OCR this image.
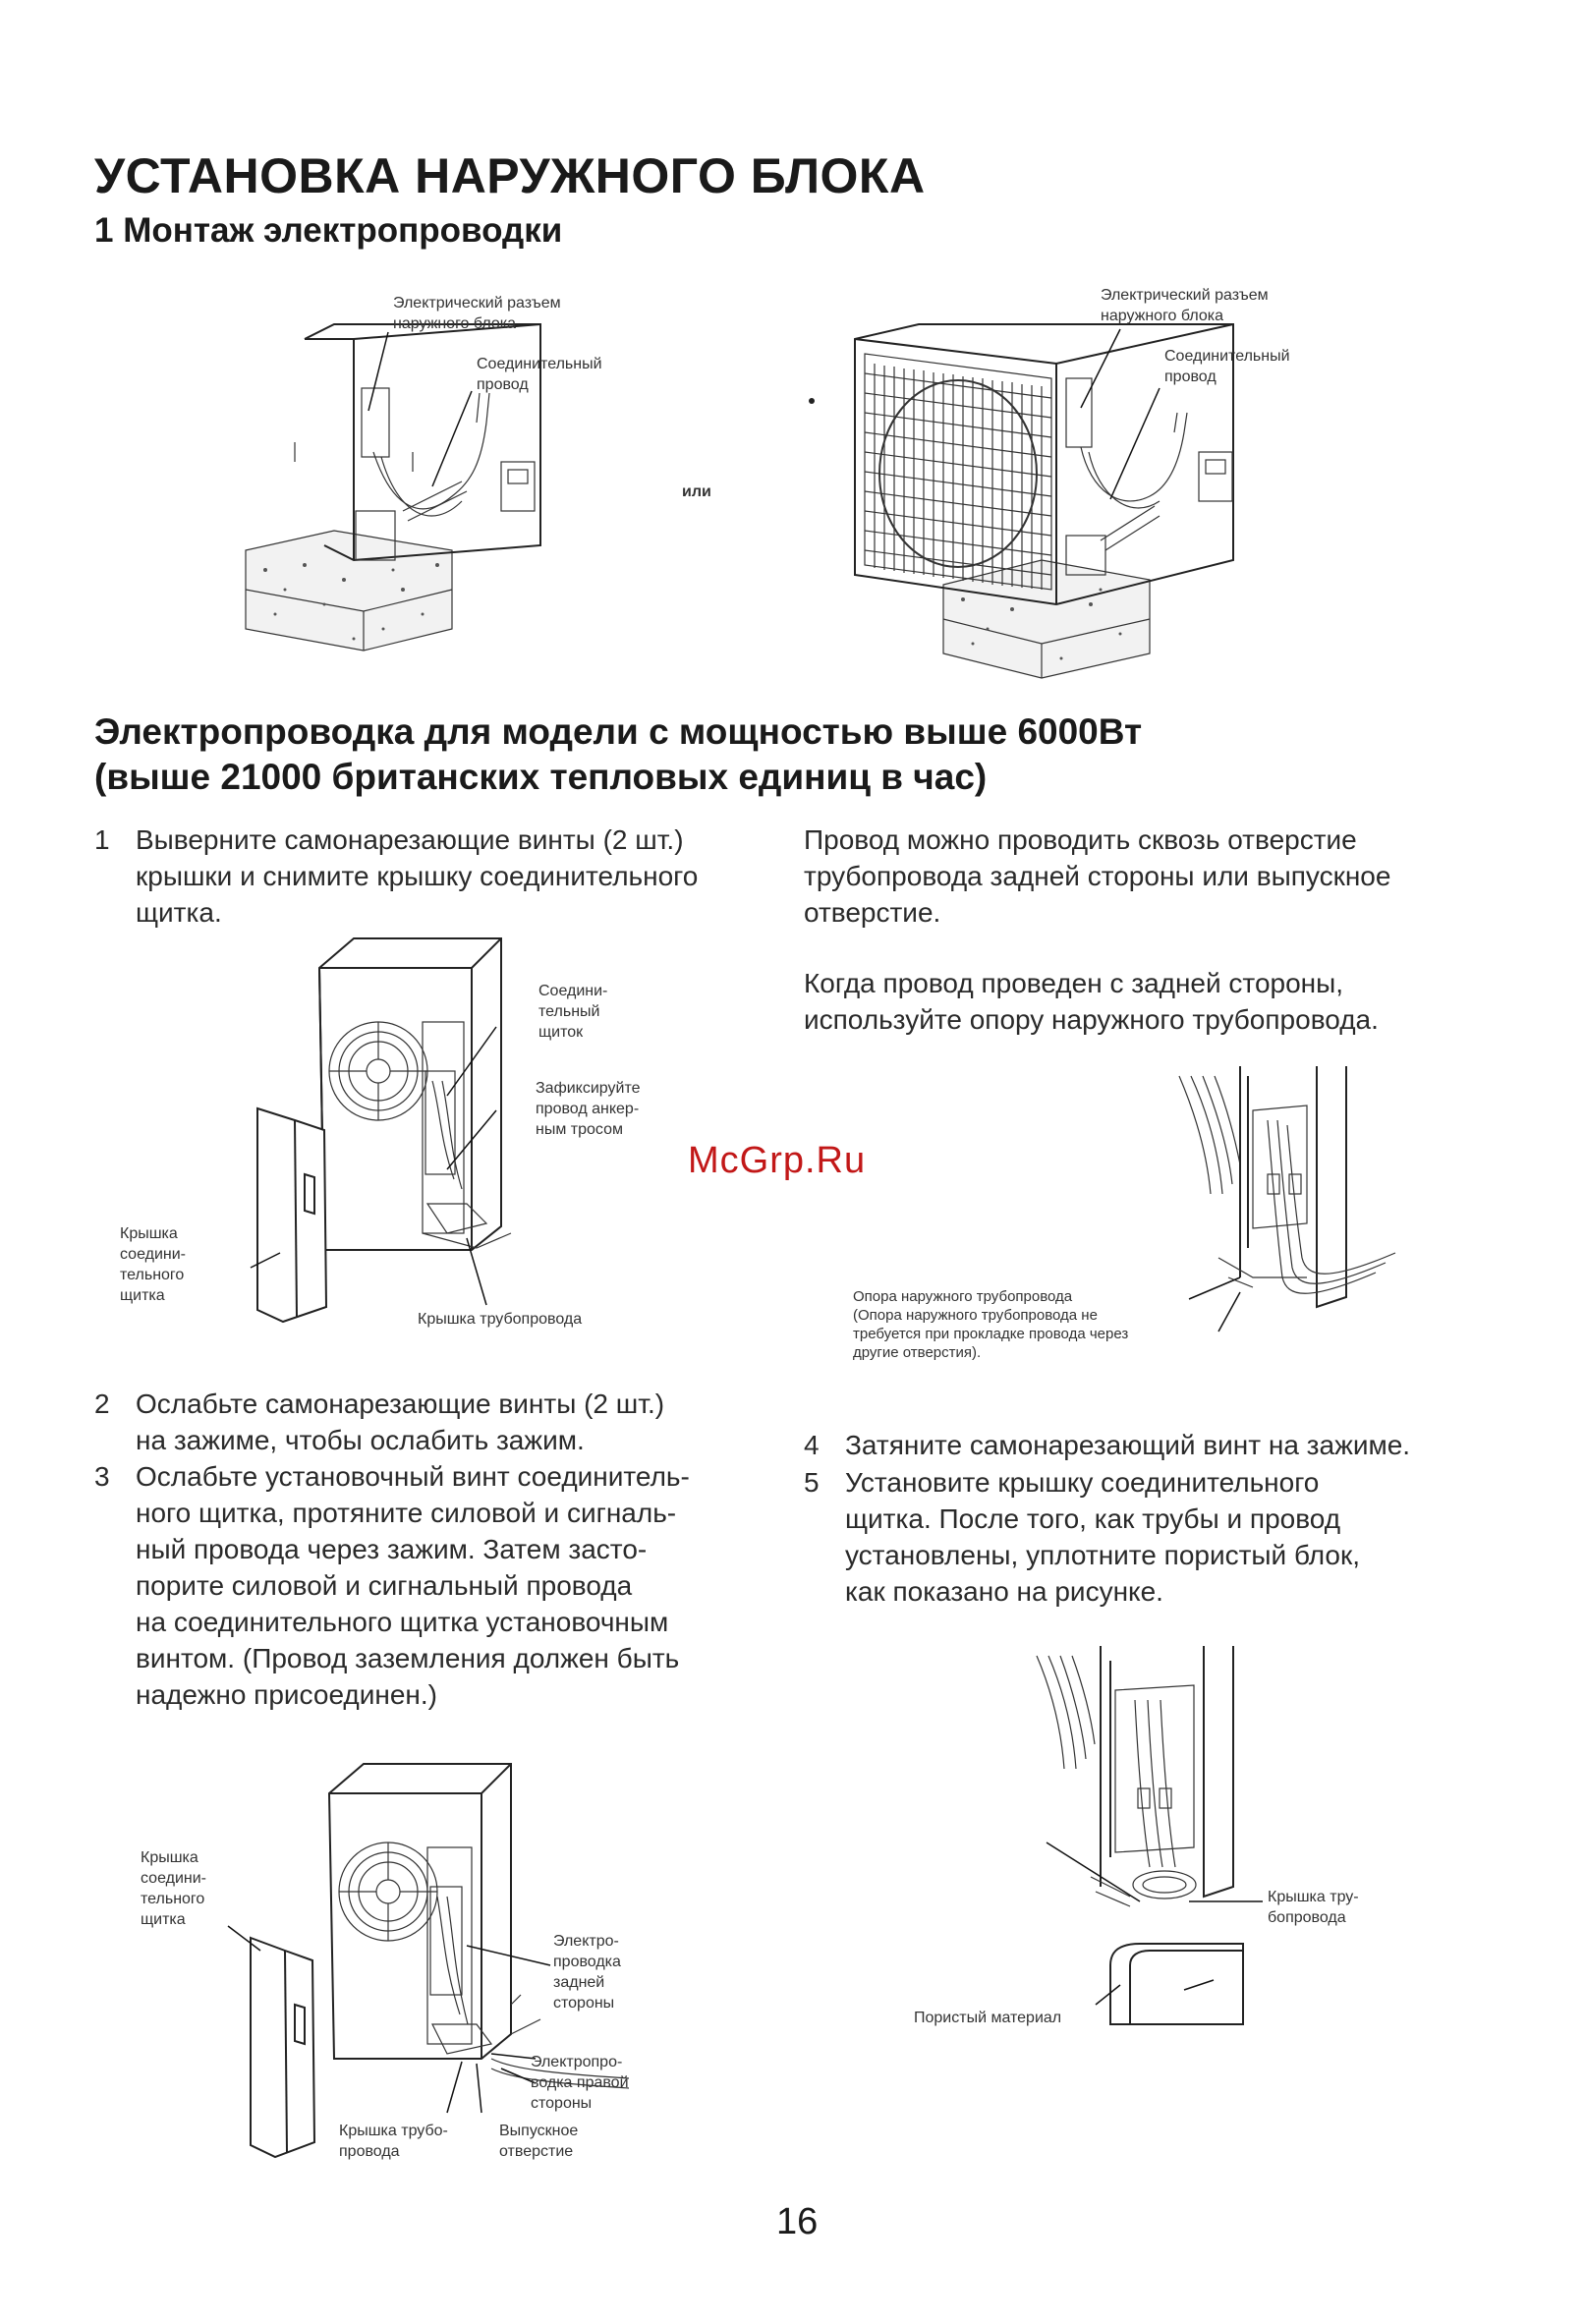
УСТАНОВКА НАРУЖНОГО БЛОКА
1 Монтаж электропроводки
Электрический разъем
наружного блока
Соединительный
провод
или
Электрический разъем
наружного блока
Соединительный
провод
Электропроводка для модели с мощностью выше 6000Вт
(выше 21000 британских тепловых единиц в час)
1 Выверните самонарезающие винты (2 шт.)
крышки и снимите крышку соединительного
щитка.
Провод можно проводить сквозь отверстие
трубопровода задней стороны или выпускное
отверстие.
Когда провод проведен с задней стороны,
используйте опору наружного трубопровода.
Соедини-
тельный
щиток
Зафиксируйте
провод анкер-
ным тросом
Крышка
соедини-
тельного
щитка
Крышка трубопровода
Опора наружного трубопровода
(Опора наружного трубопровода не
требуется при прокладке провода через
другие отверстия).
2 Ослабьте самонарезающие винты (2 шт.)
на зажиме, чтобы ослабить зажим.
3 Ослабьте установочный винт соединитель-
ного щитка, протяните силовой и сигналь-
ный провода через зажим. Затем засто-
порите силовой и сигнальный провода
на соединительного щитка установочным
винтом. (Провод заземления должен быть
надежно присоединен.)
4 Затяните самонарезающий винт на зажиме.
5 Установите крышку соединительного
щитка. После того, как трубы и провод
установлены, уплотните пористый блок,
как показано на рисунке.
McGrp.Ru
Крышка
соедини-
тельного
щитка
Электро-
проводка
задней
стороны
Электропро-
водка правой
стороны
Крышка трубо-
провода
Выпускное
отверстие
Крышка тру-
бопровода
Пористый материал
16
